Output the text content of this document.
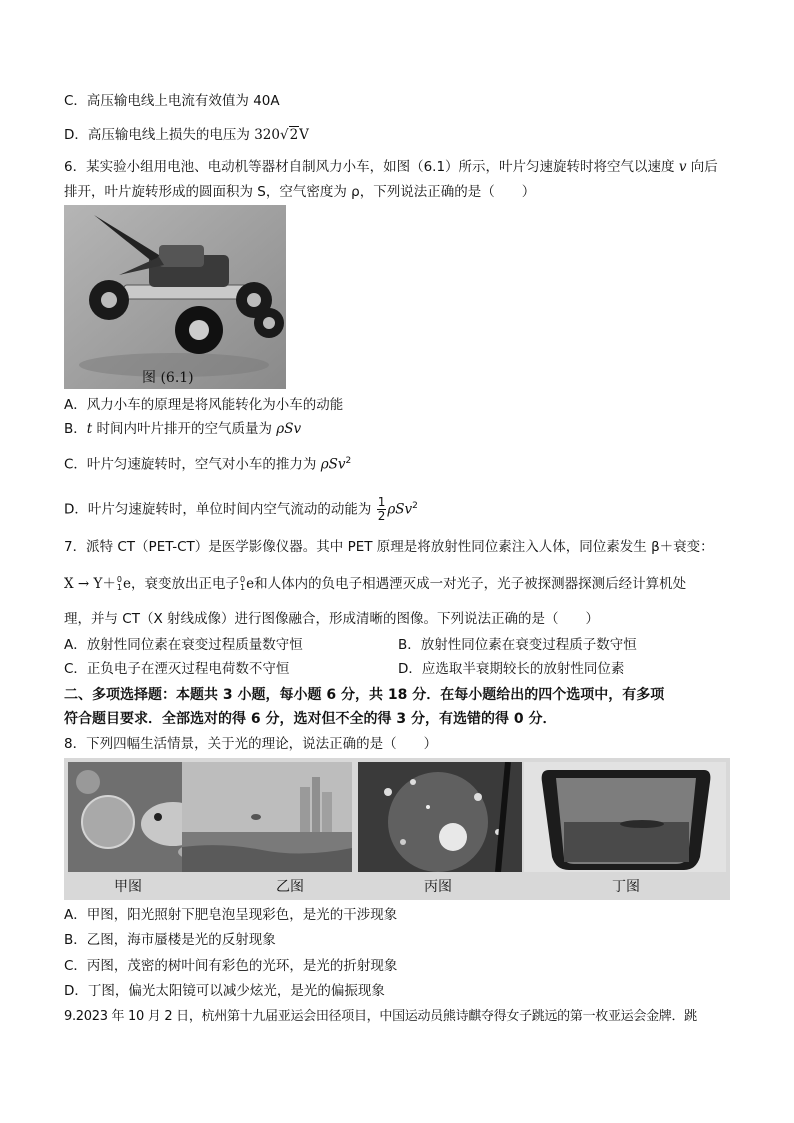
C．高压输电线上电流有效值为 40A
D．高压输电线上损失的电压为 320√2V
6．某实验小组用电池、电动机等器材自制风力小车，如图（6.1）所示，叶片匀速旋转时将空气以速度 v 向后
排开，叶片旋转形成的圆面积为 S，空气密度为 ρ，下列说法正确的是（　　）
图 (6.1)
A．风力小车的原理是将风能转化为小车的动能
B．t 时间内叶片排开的空气质量为 ρSv
C．叶片匀速旋转时，空气对小车的推力为 ρSv$^2$
D．叶片匀速旋转时，单位时间内空气流动的动能为 $\frac{1}{2} \rho Sv^2$
7．派特 CT（PET-CT）是医学影像仪器。其中 PET 原理是将放射性同位素注入人体，同位素发生 β＋衰变：
X → Y＋ 0
1 e，衰变放出正电子 0
1 e和人体内的负电子相遇湮灭成一对光子，光子被探测器探测后经计算机处
理，并与 CT（X 射线成像）进行图像融合，形成清晰的图像。下列说法正确的是（　　）
A．放射性同位素在衰变过程质量数守恒	B．放射性同位素在衰变过程质子数守恒
C．正负电子在湮灭过程电荷数不守恒	D．应选取半衰期较长的放射性同位素
二、多项选择题：本题共 3 小题，每小题 6 分，共 18 分．在每小题给出的四个选项中，有多项
符合题目要求．全部选对的得 6 分，选对但不全的得 3 分，有选错的得 0 分．
8．下列四幅生活情景，关于光的理论，说法正确的是（　　）
甲图	乙图	丙图	丁图
A．甲图，阳光照射下肥皂泡呈现彩色，是光的干涉现象
B．乙图，海市蜃楼是光的反射现象
C．丙图，茂密的树叶间有彩色的光环，是光的折射现象
D．丁图，偏光太阳镜可以减少炫光，是光的偏振现象
9.2023 年 10 月 2 日，杭州第十九届亚运会田径项目，中国运动员熊诗麒夺得女子跳远的第一枚亚运会金牌．跳
